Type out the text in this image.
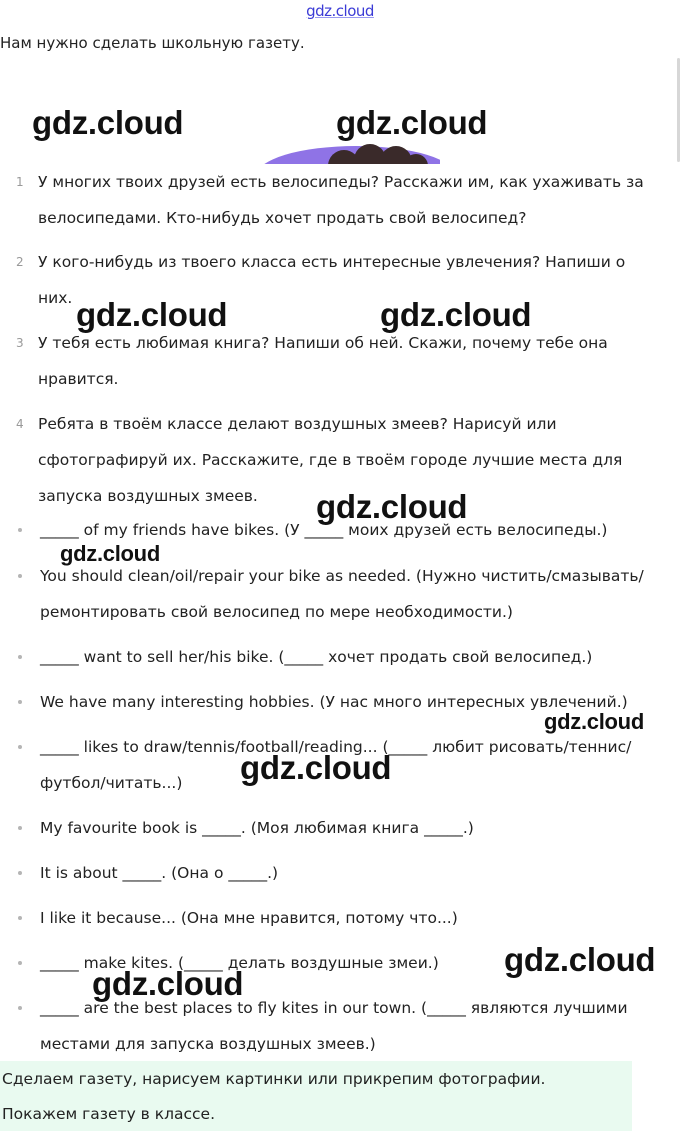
gdz.cloud
Нам нужно сделать школьную газету.
1 У многих твоих друзей есть велосипеды? Расскажи им, как ухаживать за велосипедами. Кто-нибудь хочет продать свой велосипед?
2 У кого-нибудь из твоего класса есть интересные увлечения? Напиши о них.
3 У тебя есть любимая книга? Напиши об ней. Скажи, почему тебе она нравится.
4 Ребята в твоём классе делают воздушных змеев? Нарисуй или сфотографируй их. Расскажите, где в твоём городе лучшие места для запуска воздушных змеев.
_____ of my friends have bikes. (У _____ моих друзей есть велосипеды.)
You should clean/oil/repair your bike as needed. (Нужно чистить/смазывать/ ремонтировать свой велосипед по мере необходимости.)
_____ want to sell her/his bike. (_____ хочет продать свой велосипед.)
We have many interesting hobbies. (У нас много интересных увлечений.)
_____ likes to draw/tennis/football/reading... (_____ любит рисовать/теннис/ футбол/читать...)
My favourite book is _____. (Моя любимая книга _____.)
It is about _____. (Она о _____.)
I like it because... (Она мне нравится, потому что...)
_____ make kites. (_____ делать воздушные змеи.)
_____ are the best places to fly kites in our town. (_____ являются лучшими местами для запуска воздушных змеев.)
Сделаем газету, нарисуем картинки или прикрепим фотографии.
Покажем газету в классе.
gdz.cloud	gdz.cloud
gdz.cloud	gdz.cloud
gdz.cloud
gdz.cloud
gdz.cloud
gdz.cloud
gdz.cloud
gdz.cloud
